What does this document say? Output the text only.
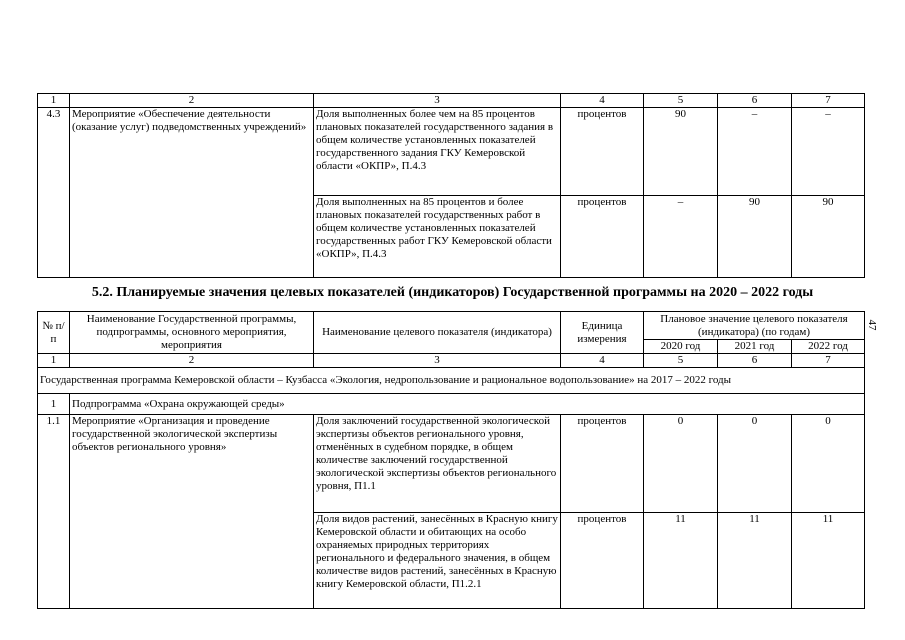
1	2	3	4	5	6	7
4.3	Мероприятие «Обеспечение деятельности (оказание услуг) подведомственных учреждений»	Доля выполненных более чем на 85 процентов плановых показателей государственного задания в общем количестве установленных показателей государственного задания ГКУ Кемеровской области «ОКПР», П.4.3	процентов	90	–	–
		Доля выполненных на 85 процентов и более плановых показателей государственных работ в общем количестве установленных показателей государственных работ ГКУ Кемеровской области «ОКПР», П.4.3	процентов	–	90	90
5.2. Планируемые значения целевых показателей (индикаторов) Государственной программы на 2020 – 2022 годы
47
№ п/п	Наименование Государственной программы, подпрограммы, основного мероприятия, мероприятия	Наименование целевого показателя (индикатора)	Единица измерения	Плановое значение целевого показателя (индикатора) (по годам)		
				2020 год	2021 год	2022 год
1	2	3	4	5	6	7
Государственная программа Кемеровской области – Кузбасса «Экология, недропользование и рациональное водопользование» на 2017 – 2022 годы						
1	Подпрограмма «Охрана окружающей среды»					
1.1	Мероприятие «Организация и проведение государственной экологической экспертизы объектов регионального уровня»	Доля заключений государственной экологической экспертизы объектов регионального уровня, отменённых в судебном порядке, в общем количестве заключений государственной экологической экспертизы объектов регионального уровня, П1.1	процентов	0	0	0
		Доля видов растений, занесённых в Красную книгу Кемеровской области и обитающих на особо охраняемых природных территориях регионального и федерального значения, в общем количестве видов растений, занесённых в Красную книгу Кемеровской области, П1.2.1	процентов	11	11	11
